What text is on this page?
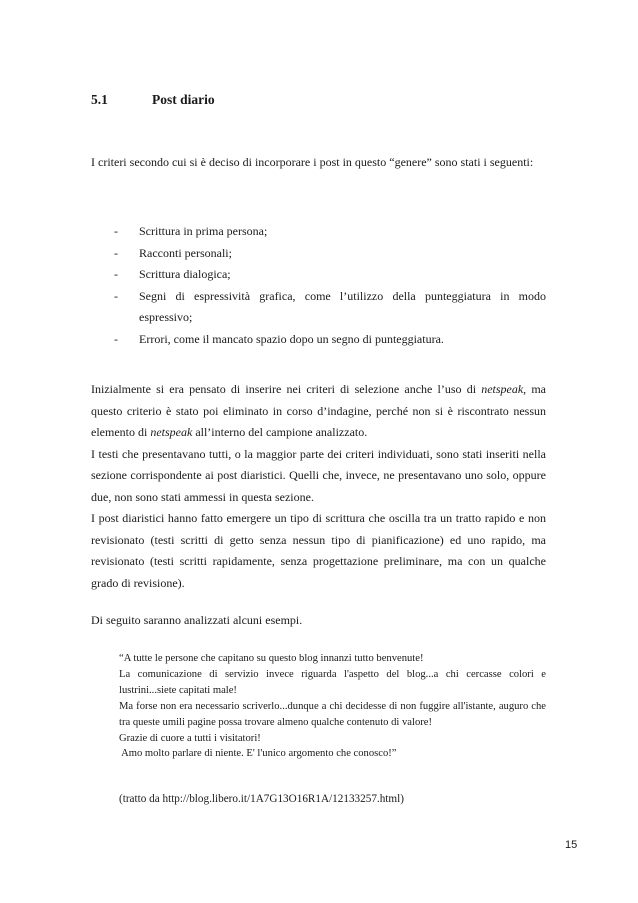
5.1	Post diario

I criteri secondo cui si è deciso di incorporare i post in questo “genere” sono stati i seguenti:

-	Scrittura in prima persona;
-	Racconti personali;
-	Scrittura dialogica;
-	Segni di espressività grafica, come l’utilizzo della punteggiatura in modo espressivo;
-	Errori, come il mancato spazio dopo un segno di punteggiatura.
Inizialmente si era pensato di inserire nei criteri di selezione anche l’uso di netspeak, ma questo criterio è stato poi eliminato in corso d’indagine, perché non si è riscontrato nessun elemento di netspeak all’interno del campione analizzato.
I testi che presentavano tutti, o la maggior parte dei criteri individuati, sono stati inseriti nella sezione corrispondente ai post diaristici. Quelli che, invece, ne presentavano uno solo, oppure due, non sono stati ammessi in questa sezione.
I post diaristici hanno fatto emergere un tipo di scrittura che oscilla tra un tratto rapido e non revisionato (testi scritti di getto senza nessun tipo di pianificazione) ed uno rapido, ma revisionato (testi scritti rapidamente, senza progettazione preliminare, ma con un qualche grado di revisione).
Di seguito saranno analizzati alcuni esempi.
“A tutte le persone che capitano su questo blog innanzi tutto benvenute!
La comunicazione di servizio invece riguarda l'aspetto del blog...a chi cercasse colori e lustrini...siete capitati male!
Ma forse non era necessario scriverlo...dunque a chi decidesse di non fuggire all'istante, auguro che tra queste umili pagine possa trovare almeno qualche contenuto di valore!
Grazie di cuore a tutti i visitatori!
Amo molto parlare di niente. E' l'unico argomento che conosco!”
(tratto da http://blog.libero.it/1A7G13O16R1A/12133257.html)
15
